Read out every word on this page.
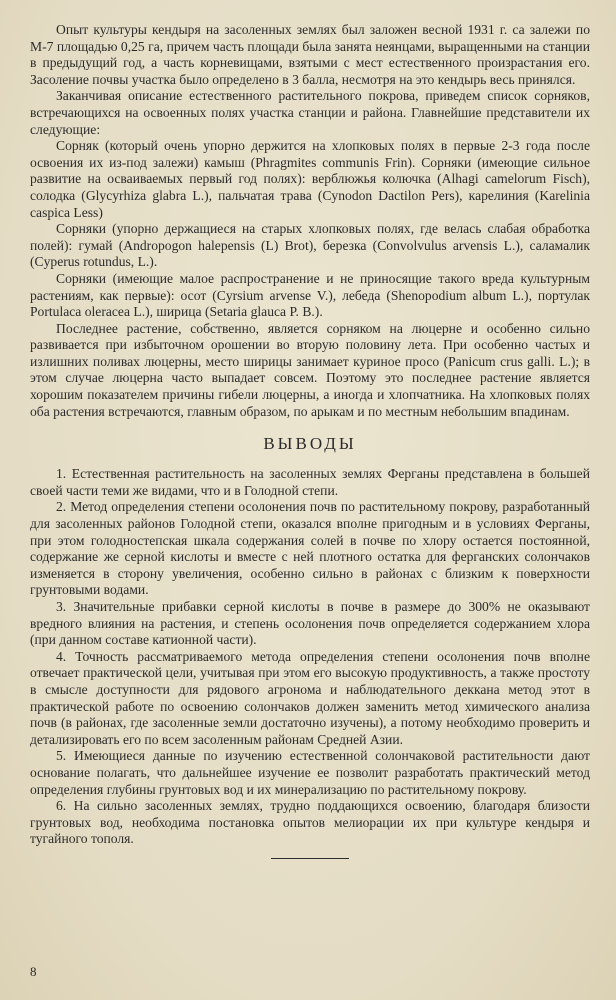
Опыт культуры кендыря на засоленных землях был заложен весной 1931 г. са залежи по М-7 площадью 0,25 га, причем часть площади была занята неянцами, выращенными на станции в предыдущий год, а часть корневищами, взятыми с мест естественного произрастания его. Засоление почвы участка было определено в 3 балла, несмотря на это кендырь весь принялся.

Заканчивая описание естественного растительного покрова, приведем список сорняков, встречающихся на освоенных полях участка станции и района. Главнейшие представители их следующие:

Сорняк (который очень упорно держится на хлопковых полях в первые 2-3 года после освоения их из-под залежи) камыш (Phragmites communis Frin). Сорняки (имеющие сильное развитие на осваиваемых первый год полях): верблюжья колючка (Alhagi camelorum Fisch), солодка (Glycyrhiza glabra L.), пальчатая трава (Cynodon Dactilon Pers), карелиния (Karelinia caspica Less)

Сорняки (упорно держащиеся на старых хлопковых полях, где велась слабая обработка полей): гумай (Andropogon halepensis (L) Brot), березка (Convolvulus arvensis L.), саламалик (Cyperus rotundus, L.).

Сорняки (имеющие малое распространение и не приносящие такого вреда культурным растениям, как первые): осот (Cyrsium arvense V.), лебеда (Shenopodium album L.), портулак Portulaca oleracea L.), ширица (Setaria glauca P. B.).

Последнее растение, собственно, является сорняком на люцерне и особенно сильно развивается при избыточном орошении во вторую половину лета. При особенно частых и излишних поливах люцерны, место ширицы занимает куриное просо (Panicum crus galli. L.); в этом случае люцерна часто выпадает совсем. Поэтому это последнее растение является хорошим показателем причины гибели люцерны, а иногда и хлопчатника. На хлопковых полях оба растения встречаются, главным образом, по арыкам и по местным небольшим впадинам.

ВЫВОДЫ

1. Естественная растительность на засоленных землях Ферганы представлена в большей своей части теми же видами, что и в Голодной степи.

2. Метод определения степени осолонения почв по растительному покрову, разработанный для засоленных районов Голодной степи, оказался вполне пригодным и в условиях Ферганы, при этом голодностепская шкала содержания солей в почве по хлору остается постоянной, содержание же серной кислоты и вместе с ней плотного остатка для ферганских солончаков изменяется в сторону увеличения, особенно сильно в районах с близким к поверхности грунтовыми водами.

3. Значительные прибавки серной кислоты в почве в размере до 300% не оказывают вредного влияния на растения, и степень осолонения почв определяется содержанием хлора (при данном составе катионной части).

4. Точность рассматриваемого метода определения степени осолонения почв вполне отвечает практической цели, учитывая при этом его высокую продуктивность, а также простоту в смысле доступности для рядового агронома и наблюдательного деккана метод этот в практической работе по освоению солончаков должен заменить метод химического анализа почв (в районах, где засоленные земли достаточно изучены), а потому необходимо проверить и детализировать его по всем засоленным районам Средней Азии.

5. Имеющиеся данные по изучению естественной солончаковой растительности дают основание полагать, что дальнейшее изучение ее позволит разработать практический метод определения глубины грунтовых вод и их минерализацию по растительному покрову.

6. На сильно засоленных землях, трудно поддающихся освоению, благодаря близости грунтовых вод, необходима постановка опытов мелиорации их при культуре кендыря и тугайного тополя.

8
